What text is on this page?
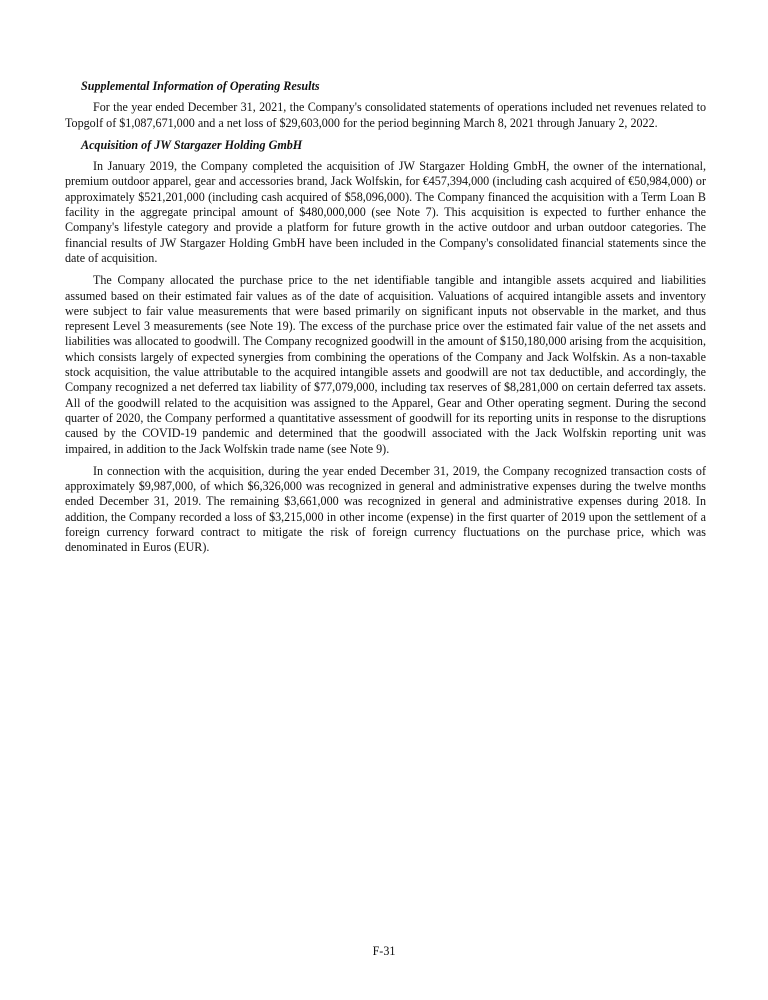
Supplemental Information of Operating Results

For the year ended December 31, 2021, the Company's consolidated statements of operations included net revenues related to Topgolf of $1,087,671,000 and a net loss of $29,603,000 for the period beginning March 8, 2021 through January 2, 2022.

Acquisition of JW Stargazer Holding GmbH

In January 2019, the Company completed the acquisition of JW Stargazer Holding GmbH, the owner of the international, premium outdoor apparel, gear and accessories brand, Jack Wolfskin, for €457,394,000 (including cash acquired of €50,984,000) or approximately $521,201,000 (including cash acquired of $58,096,000). The Company financed the acquisition with a Term Loan B facility in the aggregate principal amount of $480,000,000 (see Note 7). This acquisition is expected to further enhance the Company's lifestyle category and provide a platform for future growth in the active outdoor and urban outdoor categories. The financial results of JW Stargazer Holding GmbH have been included in the Company's consolidated financial statements since the date of acquisition.

The Company allocated the purchase price to the net identifiable tangible and intangible assets acquired and liabilities assumed based on their estimated fair values as of the date of acquisition. Valuations of acquired intangible assets and inventory were subject to fair value measurements that were based primarily on significant inputs not observable in the market, and thus represent Level 3 measurements (see Note 19). The excess of the purchase price over the estimated fair value of the net assets and liabilities was allocated to goodwill. The Company recognized goodwill in the amount of $150,180,000 arising from the acquisition, which consists largely of expected synergies from combining the operations of the Company and Jack Wolfskin. As a non-taxable stock acquisition, the value attributable to the acquired intangible assets and goodwill are not tax deductible, and accordingly, the Company recognized a net deferred tax liability of $77,079,000, including tax reserves of $8,281,000 on certain deferred tax assets. All of the goodwill related to the acquisition was assigned to the Apparel, Gear and Other operating segment. During the second quarter of 2020, the Company performed a quantitative assessment of goodwill for its reporting units in response to the disruptions caused by the COVID-19 pandemic and determined that the goodwill associated with the Jack Wolfskin reporting unit was impaired, in addition to the Jack Wolfskin trade name (see Note 9).

In connection with the acquisition, during the year ended December 31, 2019, the Company recognized transaction costs of approximately $9,987,000, of which $6,326,000 was recognized in general and administrative expenses during the twelve months ended December 31, 2019. The remaining $3,661,000 was recognized in general and administrative expenses during 2018. In addition, the Company recorded a loss of $3,215,000 in other income (expense) in the first quarter of 2019 upon the settlement of a foreign currency forward contract to mitigate the risk of foreign currency fluctuations on the purchase price, which was denominated in Euros (EUR).

F-31
